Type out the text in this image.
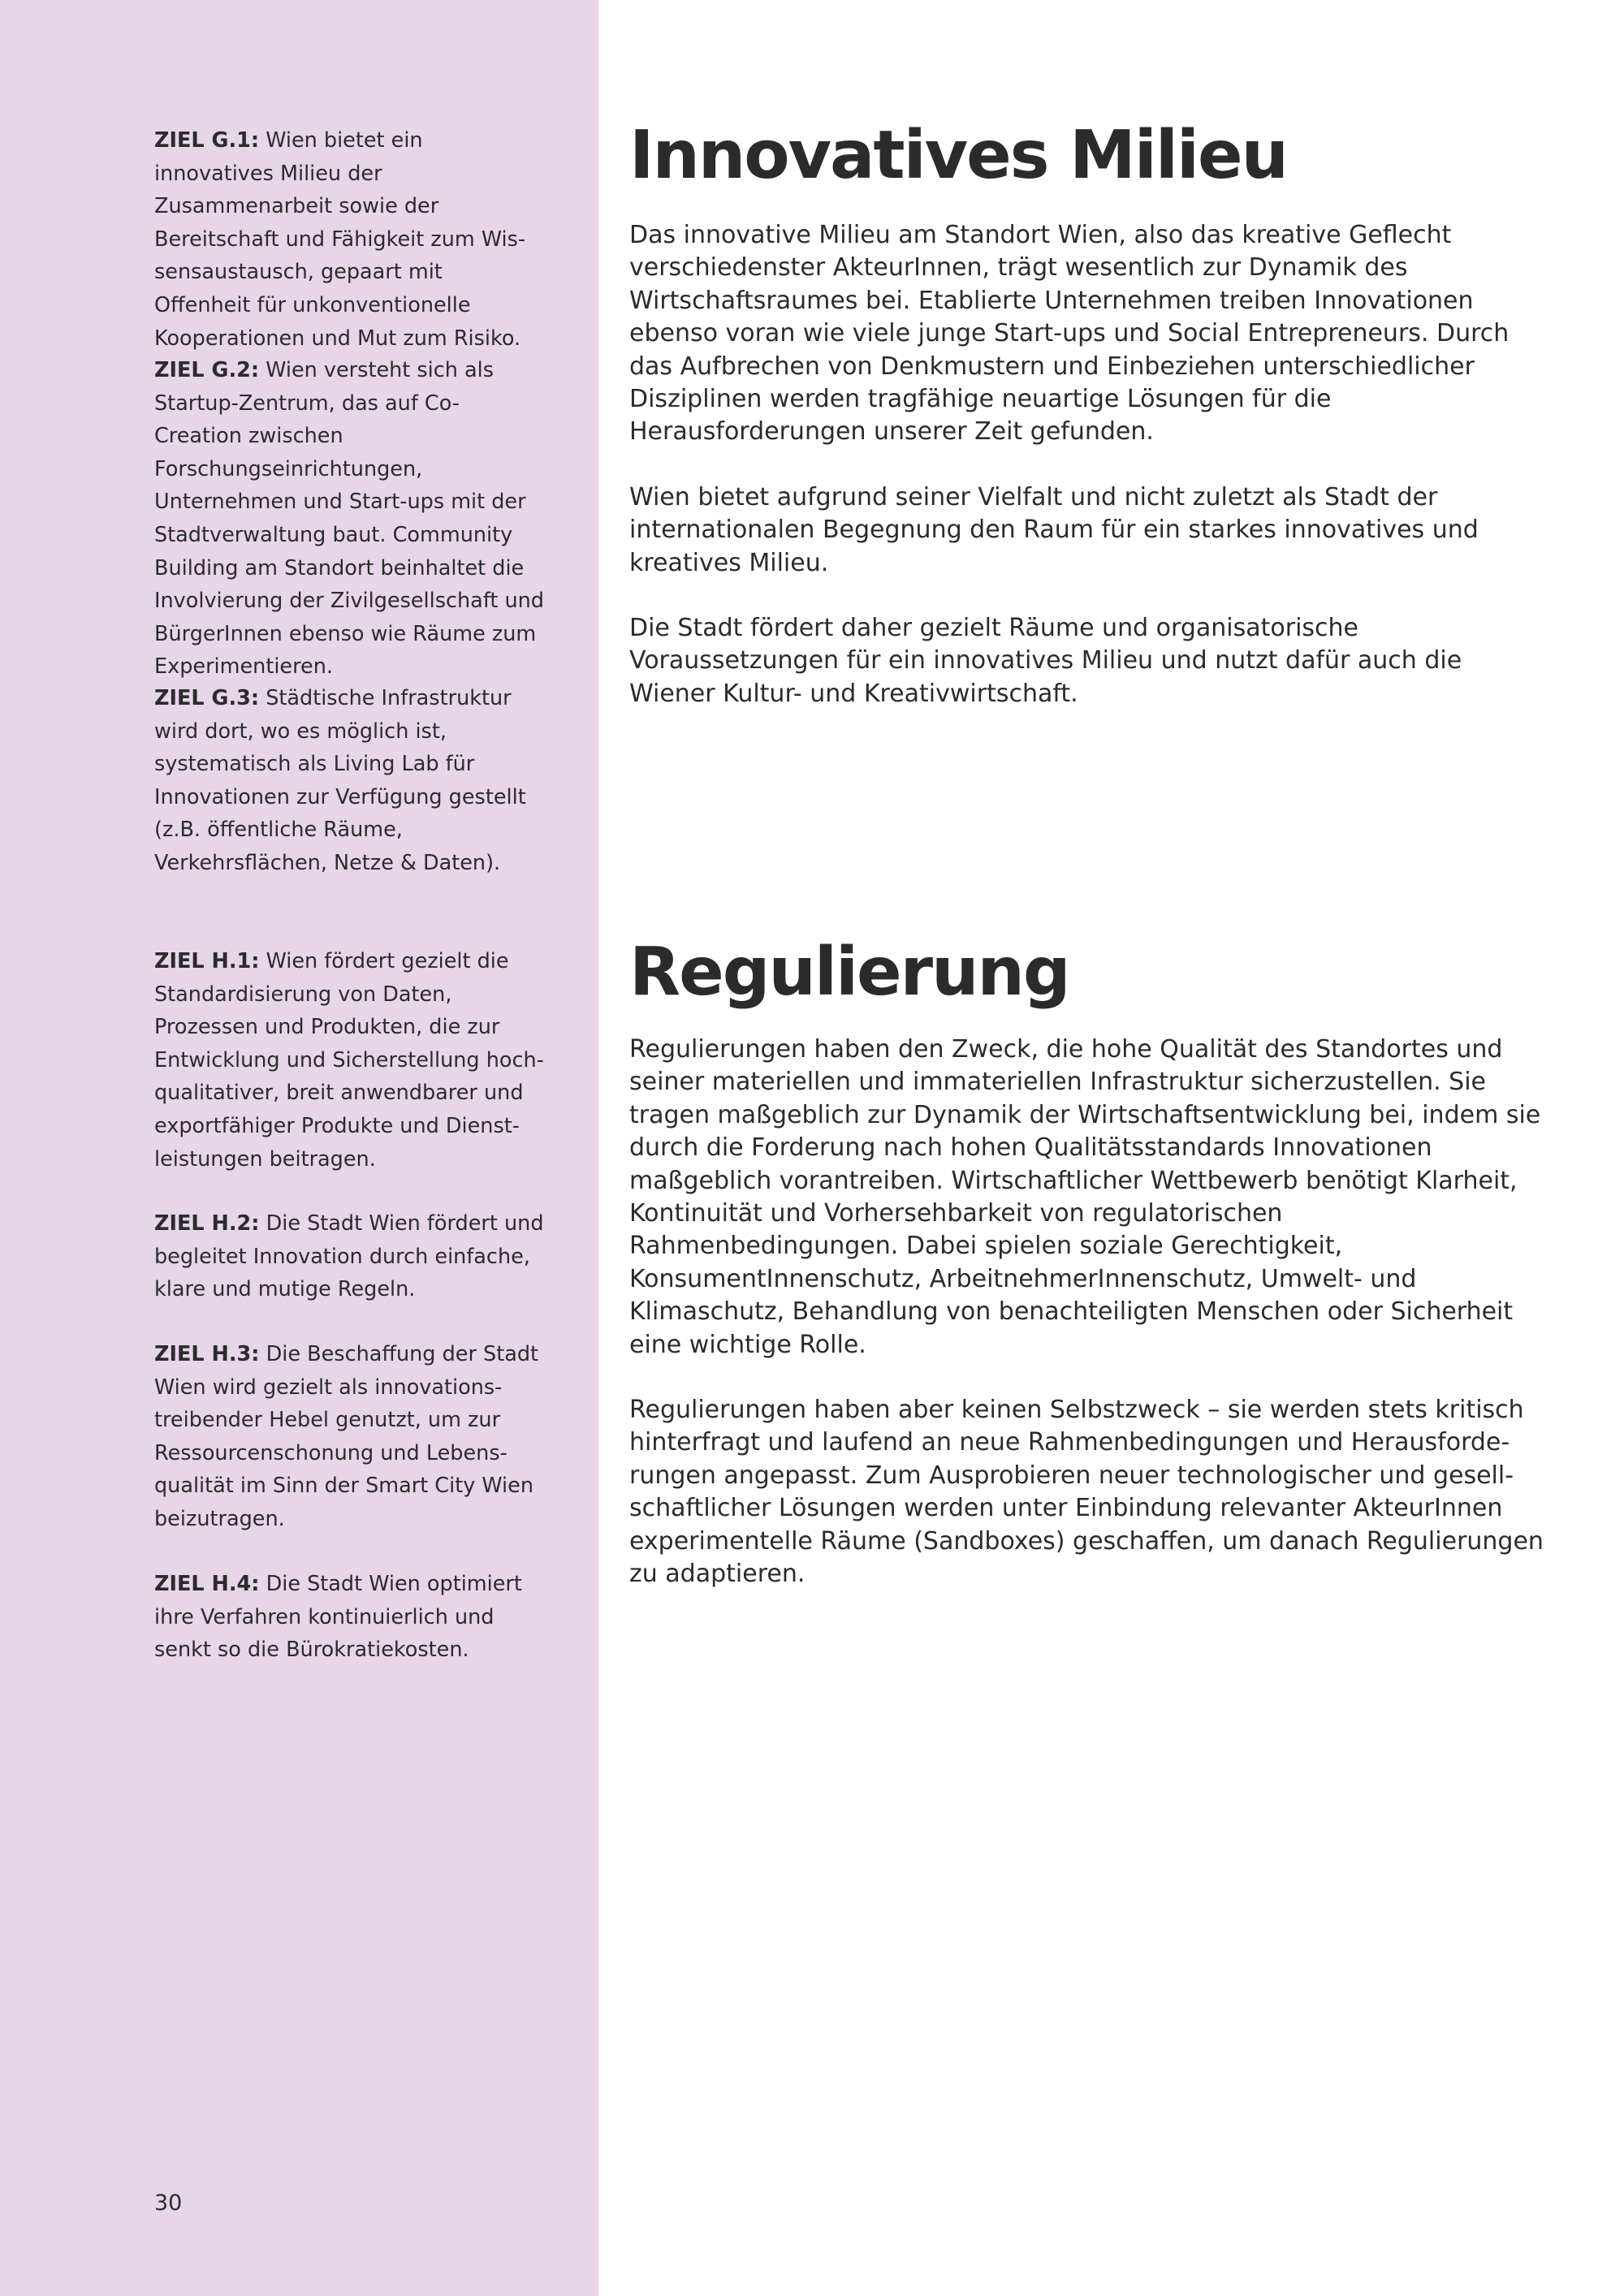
ZIEL G.1: Wien bietet ein innovatives Milieu der Zusammenarbeit sowie der Bereitschaft und Fähigkeit zum Wissensaustausch, gepaart mit Offenheit für unkonventionelle Kooperationen und Mut zum Risiko.
ZIEL G.2: Wien versteht sich als Startup-Zentrum, das auf Co-Creation zwischen Forschungseinrichtungen, Unternehmen und Start-ups mit der Stadtverwaltung baut. Community Building am Standort beinhaltet die Involvierung der Zivilgesellschaft und BürgerInnen ebenso wie Räume zum Experimentieren.
ZIEL G.3: Städtische Infrastruktur wird dort, wo es möglich ist, systematisch als Living Lab für Innovationen zur Verfügung gestellt (z.B. öffentliche Räume, Verkehrsflächen, Netze & Daten).
ZIEL H.1: Wien fördert gezielt die Standardisierung von Daten, Prozessen und Produkten, die zur Entwicklung und Sicherstellung hochqualitativer, breit anwendbarer und exportfähiger Produkte und Dienstleistungen beitragen.
ZIEL H.2: Die Stadt Wien fördert und begleitet Innovation durch einfache, klare und mutige Regeln.
ZIEL H.3: Die Beschaffung der Stadt Wien wird gezielt als innovationstreibender Hebel genutzt, um zur Ressourcenschonung und Lebensqualität im Sinn der Smart City Wien beizutragen.
ZIEL H.4: Die Stadt Wien optimiert ihre Verfahren kontinuierlich und senkt so die Bürokratiekosten.
30
Innovatives Milieu

Das innovative Milieu am Standort Wien, also das kreative Geflecht verschiedenster AkteurInnen, trägt wesentlich zur Dynamik des Wirtschaftsraumes bei. Etablierte Unternehmen treiben Innovationen ebenso voran wie viele junge Start-ups und Social Entrepreneurs. Durch das Aufbrechen von Denkmustern und Einbeziehen unterschiedlicher Disziplinen werden tragfähige neuartige Lösungen für die Herausforderungen unserer Zeit gefunden.

Wien bietet aufgrund seiner Vielfalt und nicht zuletzt als Stadt der internationalen Begegnung den Raum für ein starkes innovatives und kreatives Milieu.

Die Stadt fördert daher gezielt Räume und organisatorische Voraussetzungen für ein innovatives Milieu und nutzt dafür auch die Wiener Kultur- und Kreativwirtschaft.

Regulierung

Regulierungen haben den Zweck, die hohe Qualität des Standortes und seiner materiellen und immateriellen Infrastruktur sicherzustellen. Sie tragen maßgeblich zur Dynamik der Wirtschaftsentwicklung bei, indem sie durch die Forderung nach hohen Qualitätsstandards Innovationen maßgeblich vorantreiben. Wirtschaftlicher Wettbewerb benötigt Klarheit, Kontinuität und Vorhersehbarkeit von regulatorischen Rahmenbedingungen. Dabei spielen soziale Gerechtigkeit, KonsumentInnenschutz, ArbeitnehmerInnenschutz, Umwelt- und Klimaschutz, Behandlung von benachteiligten Menschen oder Sicherheit eine wichtige Rolle.

Regulierungen haben aber keinen Selbstzweck – sie werden stets kritisch hinterfragt und laufend an neue Rahmenbedingungen und Herausforderungen angepasst. Zum Ausprobieren neuer technologischer und gesellschaftlicher Lösungen werden unter Einbindung relevanter AkteurInnen experimentelle Räume (Sandboxes) geschaffen, um danach Regulierungen zu adaptieren.
